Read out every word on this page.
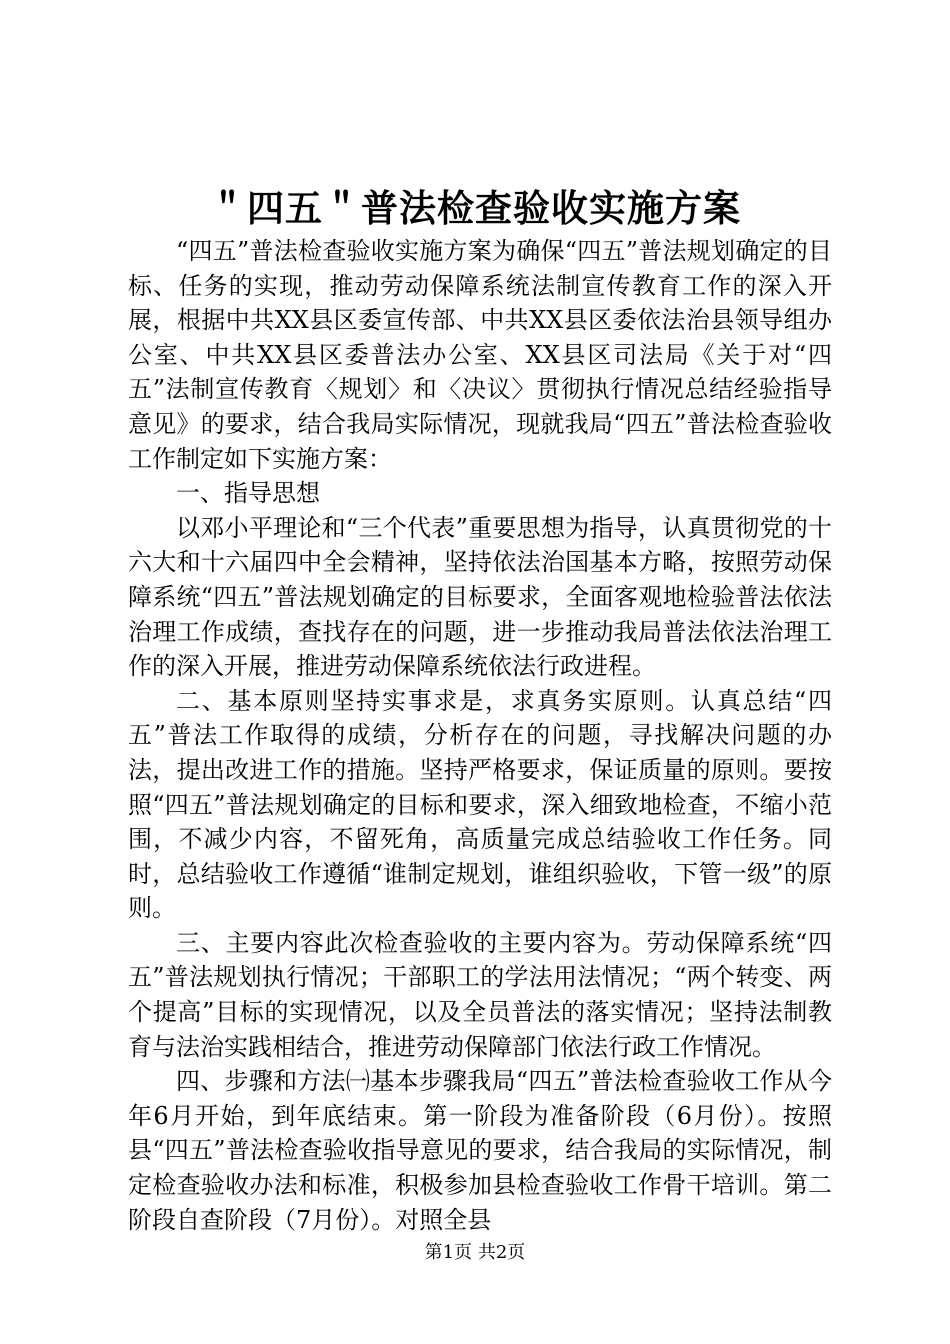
＂四五＂普法检查验收实施方案

“四五”普法检查验收实施方案为确保“四五”普法规划确定的目标、任务的实现，推动劳动保障系统法制宣传教育工作的深入开展，根据中共XX县区委宣传部、中共XX县区委依法治县领导组办公室、中共XX县区委普法办公室、XX县区司法局《关于对“四五”法制宣传教育〈规划〉和〈决议〉贯彻执行情况总结经验指导意见》的要求，结合我局实际情况，现就我局“四五”普法检查验收工作制定如下实施方案：

一、指导思想

以邓小平理论和“三个代表”重要思想为指导，认真贯彻党的十六大和十六届四中全会精神，坚持依法治国基本方略，按照劳动保障系统“四五”普法规划确定的目标要求，全面客观地检验普法依法治理工作成绩，查找存在的问题，进一步推动我局普法依法治理工作的深入开展，推进劳动保障系统依法行政进程。

二、基本原则坚持实事求是，求真务实原则。认真总结“四五”普法工作取得的成绩，分析存在的问题，寻找解决问题的办法，提出改进工作的措施。坚持严格要求，保证质量的原则。要按照“四五”普法规划确定的目标和要求，深入细致地检查，不缩小范围，不减少内容，不留死角，高质量完成总结验收工作任务。同时，总结验收工作遵循“谁制定规划，谁组织验收，下管一级”的原则。

三、主要内容此次检查验收的主要内容为。劳动保障系统“四五”普法规划执行情况；干部职工的学法用法情况；“两个转变、两个提高”目标的实现情况，以及全员普法的落实情况；坚持法制教育与法治实践相结合，推进劳动保障部门依法行政工作情况。

四、步骤和方法㈠基本步骤我局“四五”普法检查验收工作从今年6月开始，到年底结束。第一阶段为准备阶段（6月份）。按照县“四五”普法检查验收指导意见的要求，结合我局的实际情况，制定检查验收办法和标准，积极参加县检查验收工作骨干培训。第二阶段自查阶段（7月份）。对照全县

第1页 共2页
